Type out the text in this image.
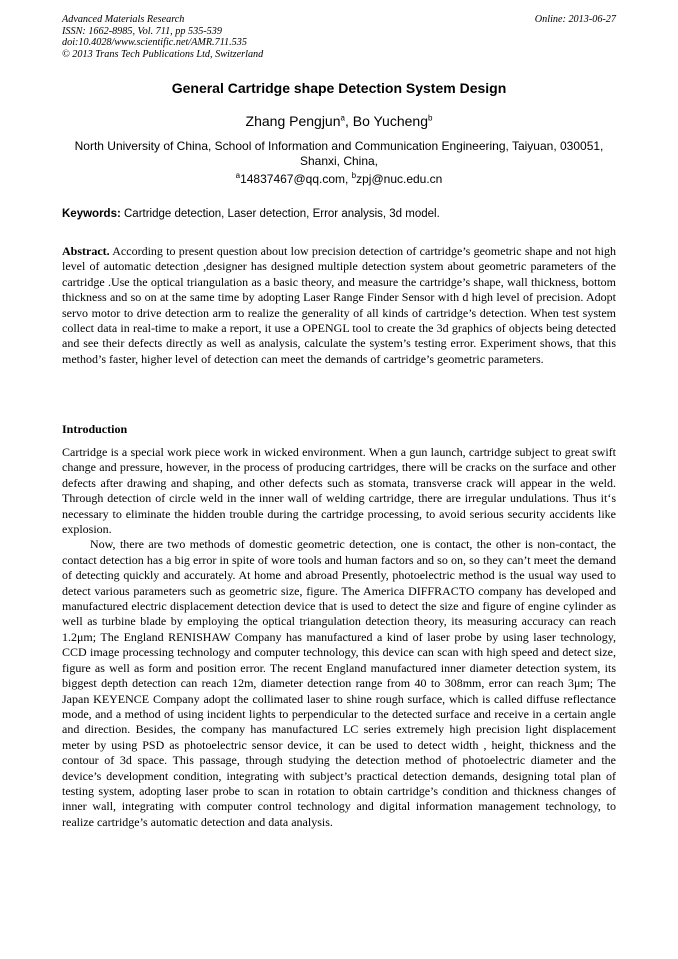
Advanced Materials Research
ISSN: 1662-8985, Vol. 711, pp 535-539
doi:10.4028/www.scientific.net/AMR.711.535
© 2013 Trans Tech Publications Ltd, Switzerland
Online: 2013-06-27
General Cartridge shape Detection System Design
Zhang Pengjun$^a$, Bo Yucheng$^b$
North University of China, School of Information and Communication Engineering, Taiyuan, 030051,
Shanxi, China,
$^a$14837467@qq.com, $^b$zpj@nuc.edu.cn
Keywords: Cartridge detection, Laser detection, Error analysis, 3d model.
Abstract. According to present question about low precision detection of cartridge’s geometric shape and not high level of automatic detection ,designer has designed multiple detection system about geometric parameters of the cartridge .Use the optical triangulation as a basic theory, and measure the cartridge’s shape, wall thickness, bottom thickness and so on at the same time by adopting Laser Range Finder Sensor with d high level of precision. Adopt servo motor to drive detection arm to realize the generality of all kinds of cartridge’s detection. When test system collect data in real-time to make a report, it use a OPENGL tool to create the 3d graphics of objects being detected and see their defects directly as well as analysis, calculate the system’s testing error. Experiment shows, that this method’s faster, higher level of detection can meet the demands of cartridge’s geometric parameters.
Introduction

Cartridge is a special work piece work in wicked environment. When a gun launch, cartridge subject to great swift change and pressure, however, in the process of producing cartridges, there will be cracks on the surface and other defects after drawing and shaping, and other defects such as stomata, transverse crack will appear in the weld. Through detection of circle weld in the inner wall of welding cartridge, there are irregular undulations. Thus it‘s necessary to eliminate the hidden trouble during the cartridge processing, to avoid serious security accidents like explosion.

Now, there are two methods of domestic geometric detection, one is contact, the other is non-contact, the contact detection has a big error in spite of wore tools and human factors and so on, so they can’t meet the demand of detecting quickly and accurately. At home and abroad Presently, photoelectric method is the usual way used to detect various parameters such as geometric size, figure. The America DIFFRACTO company has developed and manufactured electric displacement detection device that is used to detect the size and figure of engine cylinder as well as turbine blade by employing the optical triangulation detection theory, its measuring accuracy can reach 1.2μm; The England RENISHAW Company has manufactured a kind of laser probe by using laser technology, CCD image processing technology and computer technology, this device can scan with high speed and detect size, figure as well as form and position error. The recent England manufactured inner diameter detection system, its biggest depth detection can reach 12m, diameter detection range from 40 to 308mm, error can reach 3μm; The Japan KEYENCE Company adopt the collimated laser to shine rough surface, which is called diffuse reflectance mode, and a method of using incident lights to perpendicular to the detected surface and receive in a certain angle and direction. Besides, the company has manufactured LC series extremely high precision light displacement meter by using PSD as photoelectric sensor device, it can be used to detect width , height, thickness and the contour of 3d space. This passage, through studying the detection method of photoelectric diameter and the device’s development condition, integrating with subject’s practical detection demands, designing total plan of testing system, adopting laser probe to scan in rotation to obtain cartridge’s condition and thickness changes of inner wall, integrating with computer control technology and digital information management technology, to realize cartridge’s automatic detection and data analysis.
